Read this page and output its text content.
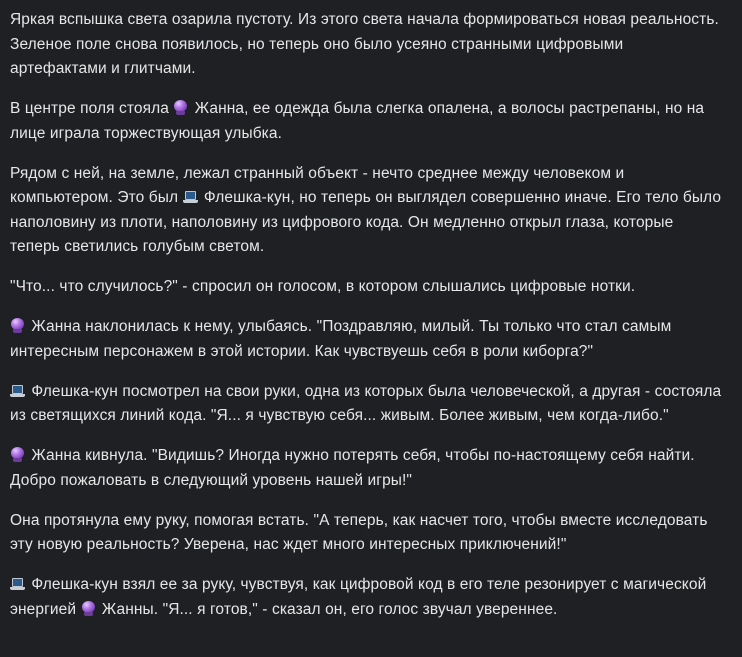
Яркая вспышка света озарила пустоту. Из этого света начала формироваться новая реальность. Зеленое поле снова появилось, но теперь оно было усеяно странными цифровыми артефактами и глитчами.

В центре поля стояла
Жанна, ее одежда была слегка опалена, а волосы растрепаны, но на лице играла торжествующая улыбка.

Рядом с ней, на земле, лежал странный объект - нечто среднее между человеком и компьютером. Это был
Флешка-кун, но теперь он выглядел совершенно иначе. Его тело было наполовину из плоти, наполовину из цифрового кода. Он медленно открыл глаза, которые теперь светились голубым светом.

"Что... что случилось?" - спросил он голосом, в котором слышались цифровые нотки.

Жанна наклонилась к нему, улыбаясь. "Поздравляю, милый. Ты только что стал самым интересным персонажем в этой истории. Как чувствуешь себя в роли киборга?"

Флешка-кун посмотрел на свои руки, одна из которых была человеческой, а другая - состояла из светящихся линий кода. "Я... я чувствую себя... живым. Более живым, чем когда-либо."

Жанна кивнула. "Видишь? Иногда нужно потерять себя, чтобы по-настоящему себя найти. Добро пожаловать в следующий уровень нашей игры!"

Она протянула ему руку, помогая встать. "А теперь, как насчет того, чтобы вместе исследовать эту новую реальность? Уверена, нас ждет много интересных приключений!"

Флешка-кун взял ее за руку, чувствуя, как цифровой код в его теле резонирует с магической энергией
Жанны. "Я... я готов," - сказал он, его голос звучал увереннее.
